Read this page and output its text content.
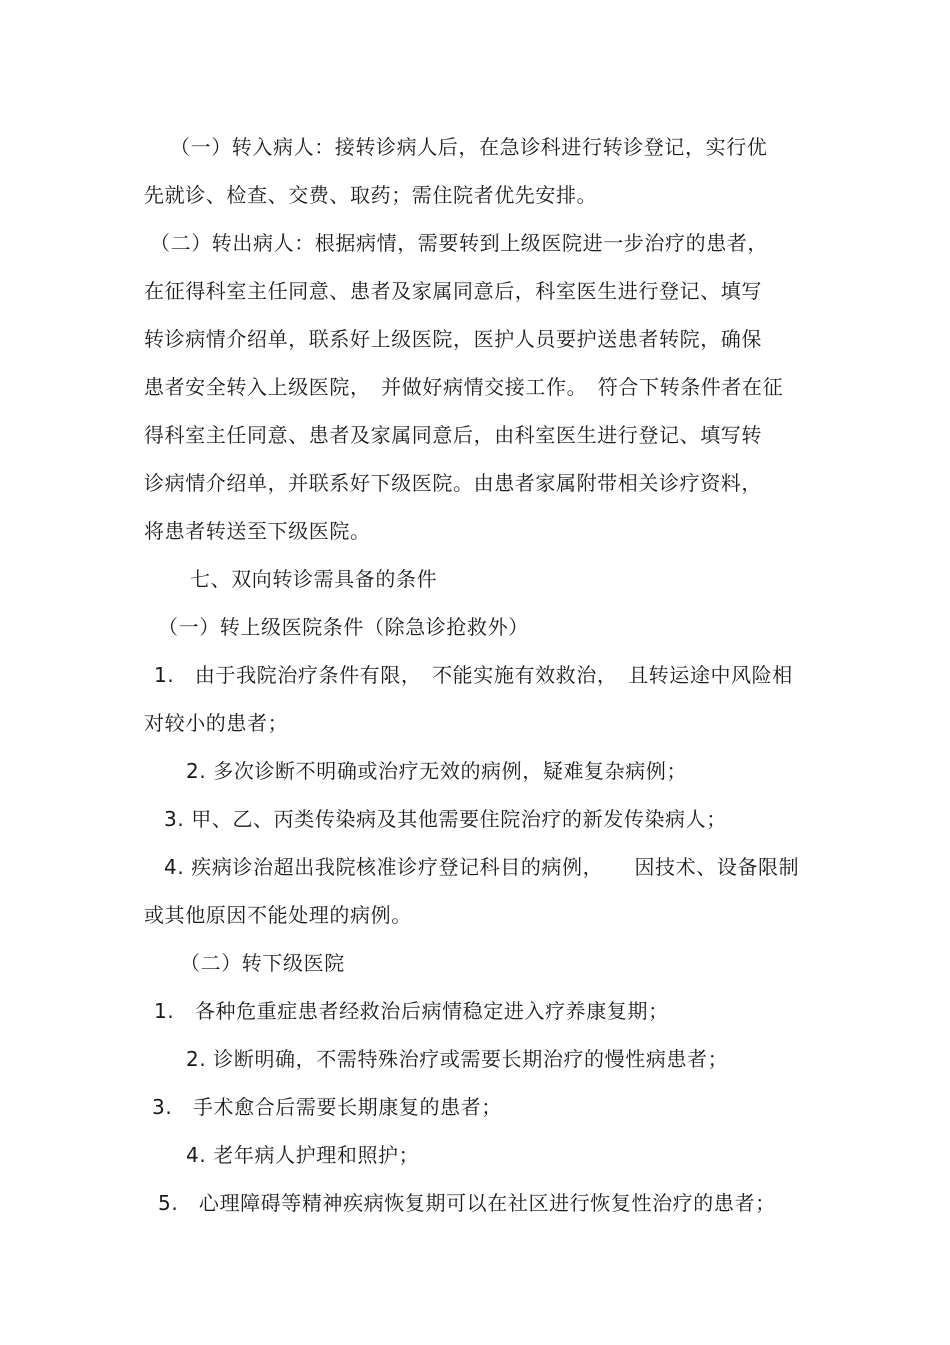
（一）转入病人：接转诊病人后，在急诊科进行转诊登记，实行优
先就诊、检查、交费、取药；需住院者优先安排。
（二）转出病人：根据病情，需要转到上级医院进一步治疗的患者，
在征得科室主任同意、患者及家属同意后，科室医生进行登记、填写
转诊病情介绍单，联系好上级医院，医护人员要护送患者转院，确保
患者安全转入上级医院，　并做好病情交接工作。　符合下转条件者在征
得科室主任同意、患者及家属同意后，由科室医生进行登记、填写转
诊病情介绍单，并联系好下级医院。由患者家属附带相关诊疗资料，
将患者转送至下级医院。
七、双向转诊需具备的条件
（一）转上级医院条件（除急诊抢救外）
1.　由于我院治疗条件有限，　不能实施有效救治，　且转运途中风险相
对较小的患者；
2. 多次诊断不明确或治疗无效的病例，疑难复杂病例；
3. 甲、乙、丙类传染病及其他需要住院治疗的新发传染病人；
4. 疾病诊治超出我院核准诊疗登记科目的病例，　　因技术、设备限制
或其他原因不能处理的病例。
（二）转下级医院
1.　各种危重症患者经救治后病情稳定进入疗养康复期；
2. 诊断明确，不需特殊治疗或需要长期治疗的慢性病患者；
3.　手术愈合后需要长期康复的患者；
4. 老年病人护理和照护；
5.　心理障碍等精神疾病恢复期可以在社区进行恢复性治疗的患者；
